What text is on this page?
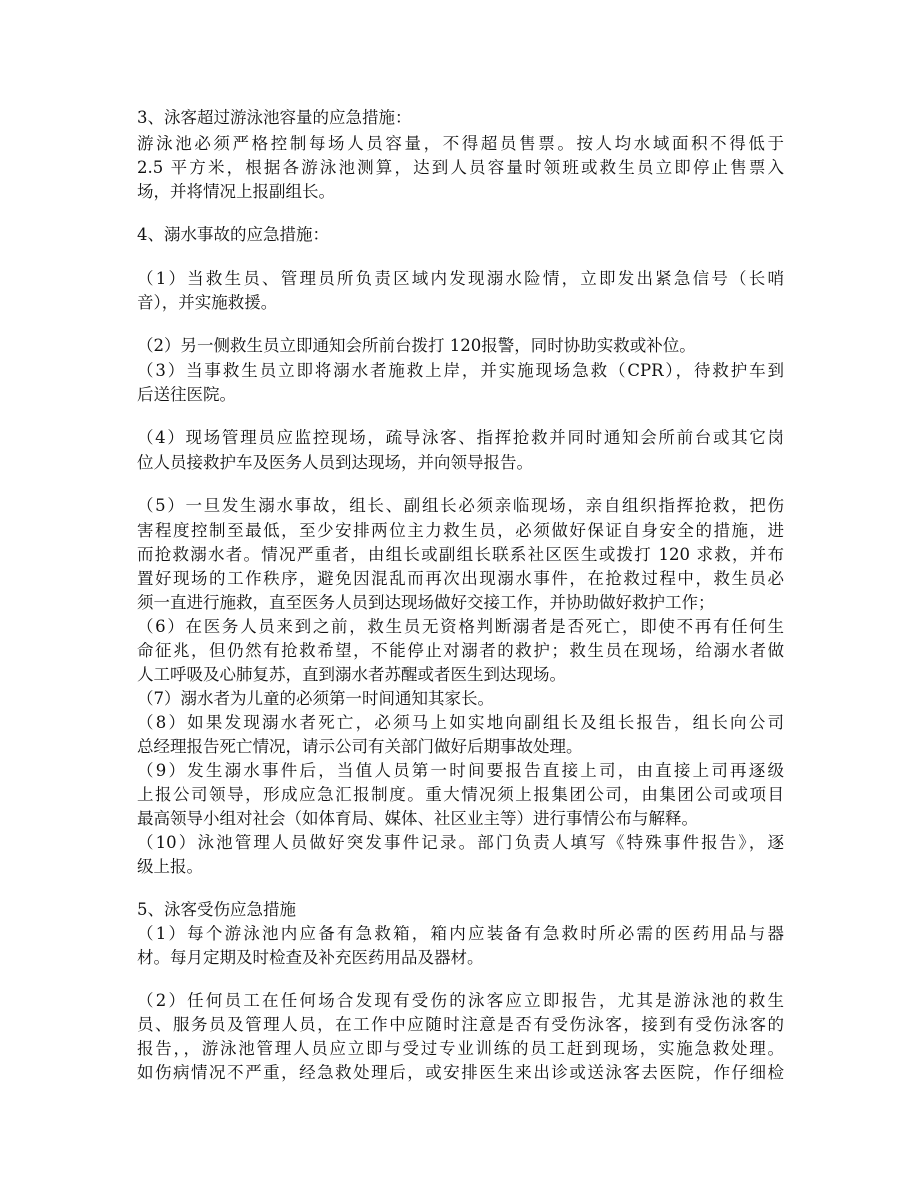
3、泳客超过游泳池容量的应急措施：
游泳池必须严格控制每场人员容量，不得超员售票。按人均水域面积不得低于
2.5 平方米，根据各游泳池测算，达到人员容量时领班或救生员立即停止售票入
场，并将情况上报副组长。
4、溺水事故的应急措施：
（1）当救生员、管理员所负责区域内发现溺水险情，立即发出紧急信号（长哨
音），并实施救援。
（2）另一侧救生员立即通知会所前台拨打 120报警，同时协助实救或补位。
（3）当事救生员立即将溺水者施救上岸，并实施现场急救（CPR），待救护车到
后送往医院。
（4）现场管理员应监控现场，疏导泳客、指挥抢救并同时通知会所前台或其它岗
位人员接救护车及医务人员到达现场，并向领导报告。
（5）一旦发生溺水事故，组长、副组长必须亲临现场，亲自组织指挥抢救，把伤
害程度控制至最低，至少安排两位主力救生员，必须做好保证自身安全的措施，进
而抢救溺水者。情况严重者，由组长或副组长联系社区医生或拨打 120 求救，并布
置好现场的工作秩序，避免因混乱而再次出现溺水事件，在抢救过程中，救生员必
须一直进行施救，直至医务人员到达现场做好交接工作，并协助做好救护工作；
（6）在医务人员来到之前，救生员无资格判断溺者是否死亡，即使不再有任何生
命征兆，但仍然有抢救希望，不能停止对溺者的救护；救生员在现场，给溺水者做
人工呼吸及心肺复苏，直到溺水者苏醒或者医生到达现场。
（7）溺水者为儿童的必须第一时间通知其家长。
（8）如果发现溺水者死亡，必须马上如实地向副组长及组长报告，组长向公司
总经理报告死亡情况，请示公司有关部门做好后期事故处理。
（9）发生溺水事件后，当值人员第一时间要报告直接上司，由直接上司再逐级
上报公司领导，形成应急汇报制度。重大情况须上报集团公司，由集团公司或项目
最高领导小组对社会（如体育局、媒体、社区业主等）进行事情公布与解释。
（10）泳池管理人员做好突发事件记录。部门负责人填写《特殊事件报告》，逐
级上报。
5、泳客受伤应急措施
（1）每个游泳池内应备有急救箱，箱内应装备有急救时所必需的医药用品与器
材。每月定期及时检查及补充医药用品及器材。
（2）任何员工在任何场合发现有受伤的泳客应立即报告，尤其是游泳池的救生
员、服务员及管理人员，在工作中应随时注意是否有受伤泳客，接到有受伤泳客的
报告，，游泳池管理人员应立即与受过专业训练的员工赶到现场，实施急救处理。
如伤病情况不严重，经急救处理后，或安排医生来出诊或送泳客去医院，作仔细检
